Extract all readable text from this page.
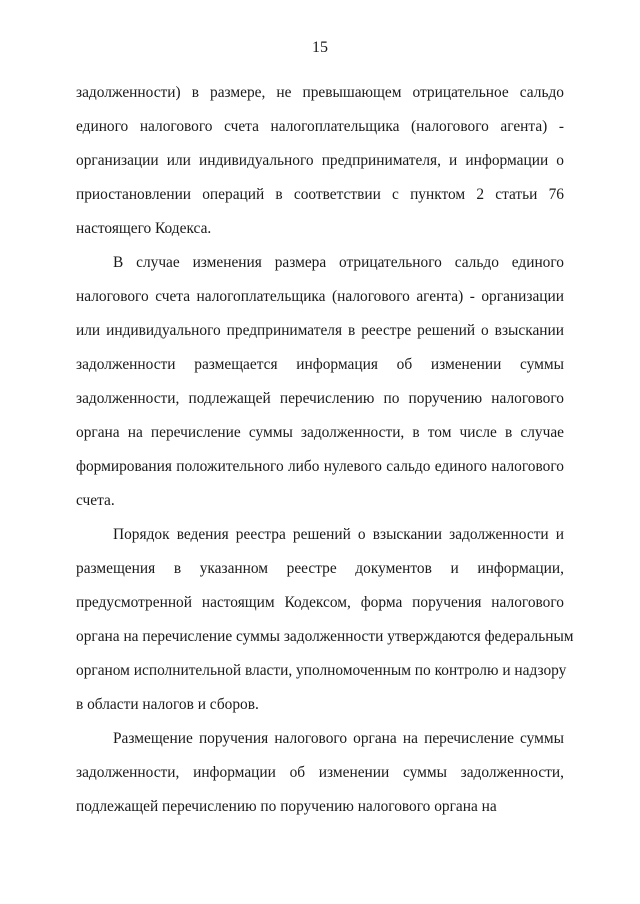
15
задолженности) в размере, не превышающем отрицательное сальдо
единого налогового счета налогоплательщика (налогового агента) -
организации или индивидуального предпринимателя, и информации о
приостановлении операций в соответствии с пунктом 2 статьи 76
настоящего Кодекса.
В случае изменения размера отрицательного сальдо единого
налогового счета налогоплательщика (налогового агента) - организации
или индивидуального предпринимателя в реестре решений о взыскании
задолженности размещается информация об изменении суммы
задолженности, подлежащей перечислению по поручению налогового
органа на перечисление суммы задолженности, в том числе в случае
формирования положительного либо нулевого сальдо единого налогового
счета.
Порядок ведения реестра решений о взыскании задолженности и
размещения в указанном реестре документов и информации,
предусмотренной настоящим Кодексом, форма поручения налогового
органа на перечисление суммы задолженности утверждаются федеральным
органом исполнительной власти, уполномоченным по контролю и надзору
в области налогов и сборов.
Размещение поручения налогового органа на перечисление суммы
задолженности, информации об изменении суммы задолженности,
подлежащей перечислению по поручению налогового органа на
